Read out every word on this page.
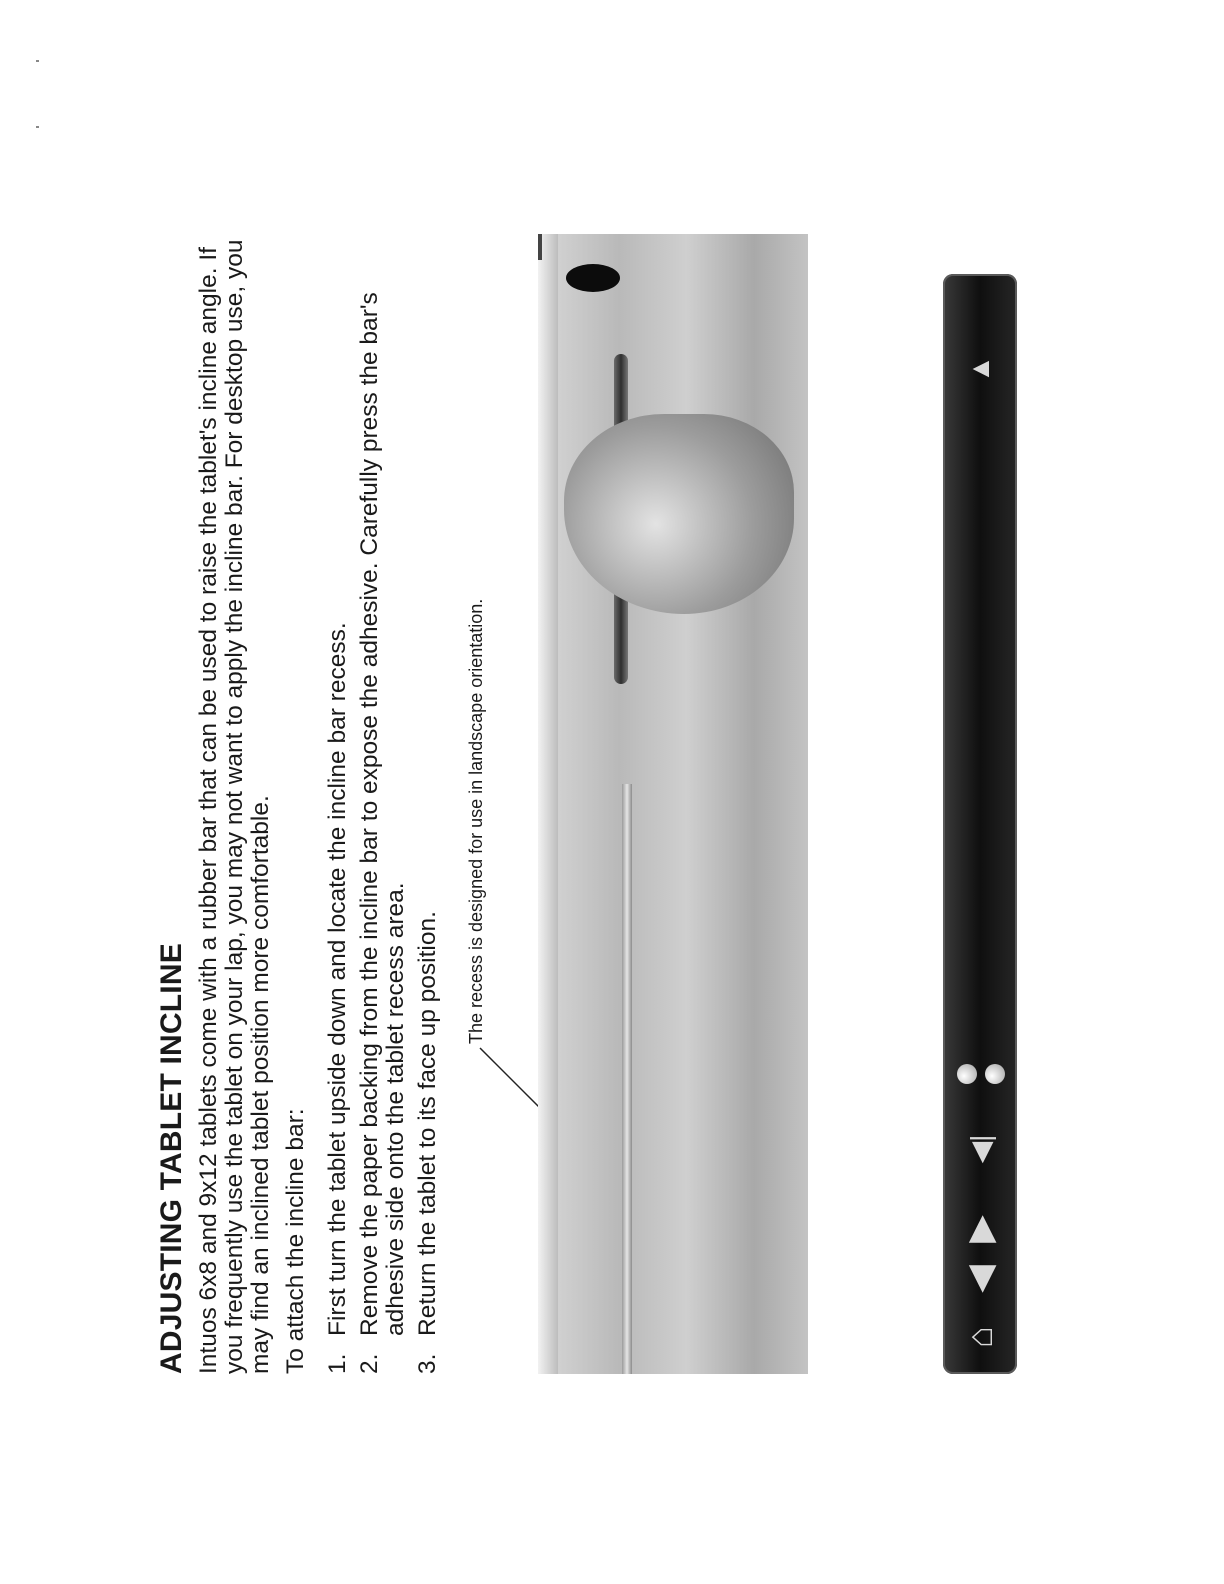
ADJUSTING TABLET INCLINE Intuos 6x8 and 9x12 tablets come with a rubber bar that can be used to raise the tablet's incline angle. If you frequently use the tablet on your lap, you may not want to apply the incline bar. For desktop use, you may find an inclined tablet position more comfortable. To attach the incline bar: 1.
First turn the tablet upside down and locate the incline bar recess.
2.
Remove the paper backing from the incline bar to expose the adhesive. Carefully press the bar's adhesive side onto the tablet recess area.
3.
Return the tablet to its face up position.
The recess is designed for use in landscape orientation.
⌂
◀
▶
◀|
▲
